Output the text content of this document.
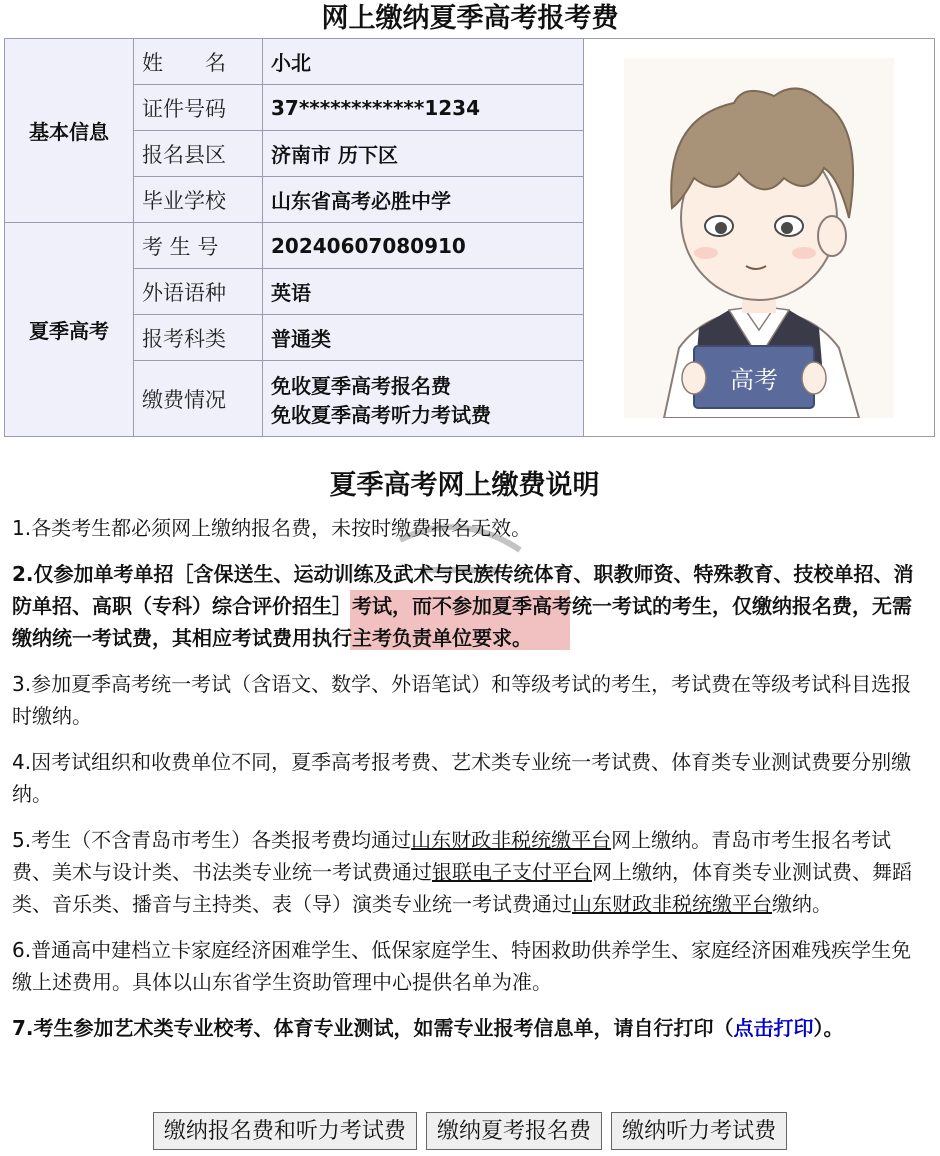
网上缴纳夏季高考报考费
基本信息	姓　　名	小北	高考

	证件号码	37************1234	
	报名县区	济南市 历下区	
	毕业学校	山东省高考必胜中学	
夏季高考	考 生 号	20240607080910	
	外语语种	英语	
	报考科类	普通类	
	缴费情况	免收夏季高考报名费
免收夏季高考听力考试费	
夏季高考网上缴费说明

1.各类考生都必须网上缴纳报名费，未按时缴费报名无效。

2.仅参加单考单招［含保送生、运动训练及武术与民族传统体育、职教师资、特殊教育、技校单招、消防单招、高职（专科）综合评价招生］考试，而不参加夏季高考统一考试的考生，仅缴纳报名费，无需缴纳统一考试费，其相应考试费用执行主考负责单位要求。

3.参加夏季高考统一考试（含语文、数学、外语笔试）和等级考试的考生，考试费在等级考试科目选报时缴纳。

4.因考试组织和收费单位不同，夏季高考报考费、艺术类专业统一考试费、体育类专业测试费要分别缴纳。

5.考生（不含青岛市考生）各类报考费均通过山东财政非税统缴平台网上缴纳。青岛市考生报名考试费、美术与设计类、书法类专业统一考试费通过银联电子支付平台网上缴纳，体育类专业测试费、舞蹈类、音乐类、播音与主持类、表（导）演类专业统一考试费通过山东财政非税统缴平台缴纳。

6.普通高中建档立卡家庭经济困难学生、低保家庭学生、特困救助供养学生、家庭经济困难残疾学生免缴上述费用。具体以山东省学生资助管理中心提供名单为准。

7.考生参加艺术类专业校考、体育专业测试，如需专业报考信息单，请自行打印（点击打印）。

缴纳报名费和听力考试费 缴纳夏考报名费 缴纳听力考试费
